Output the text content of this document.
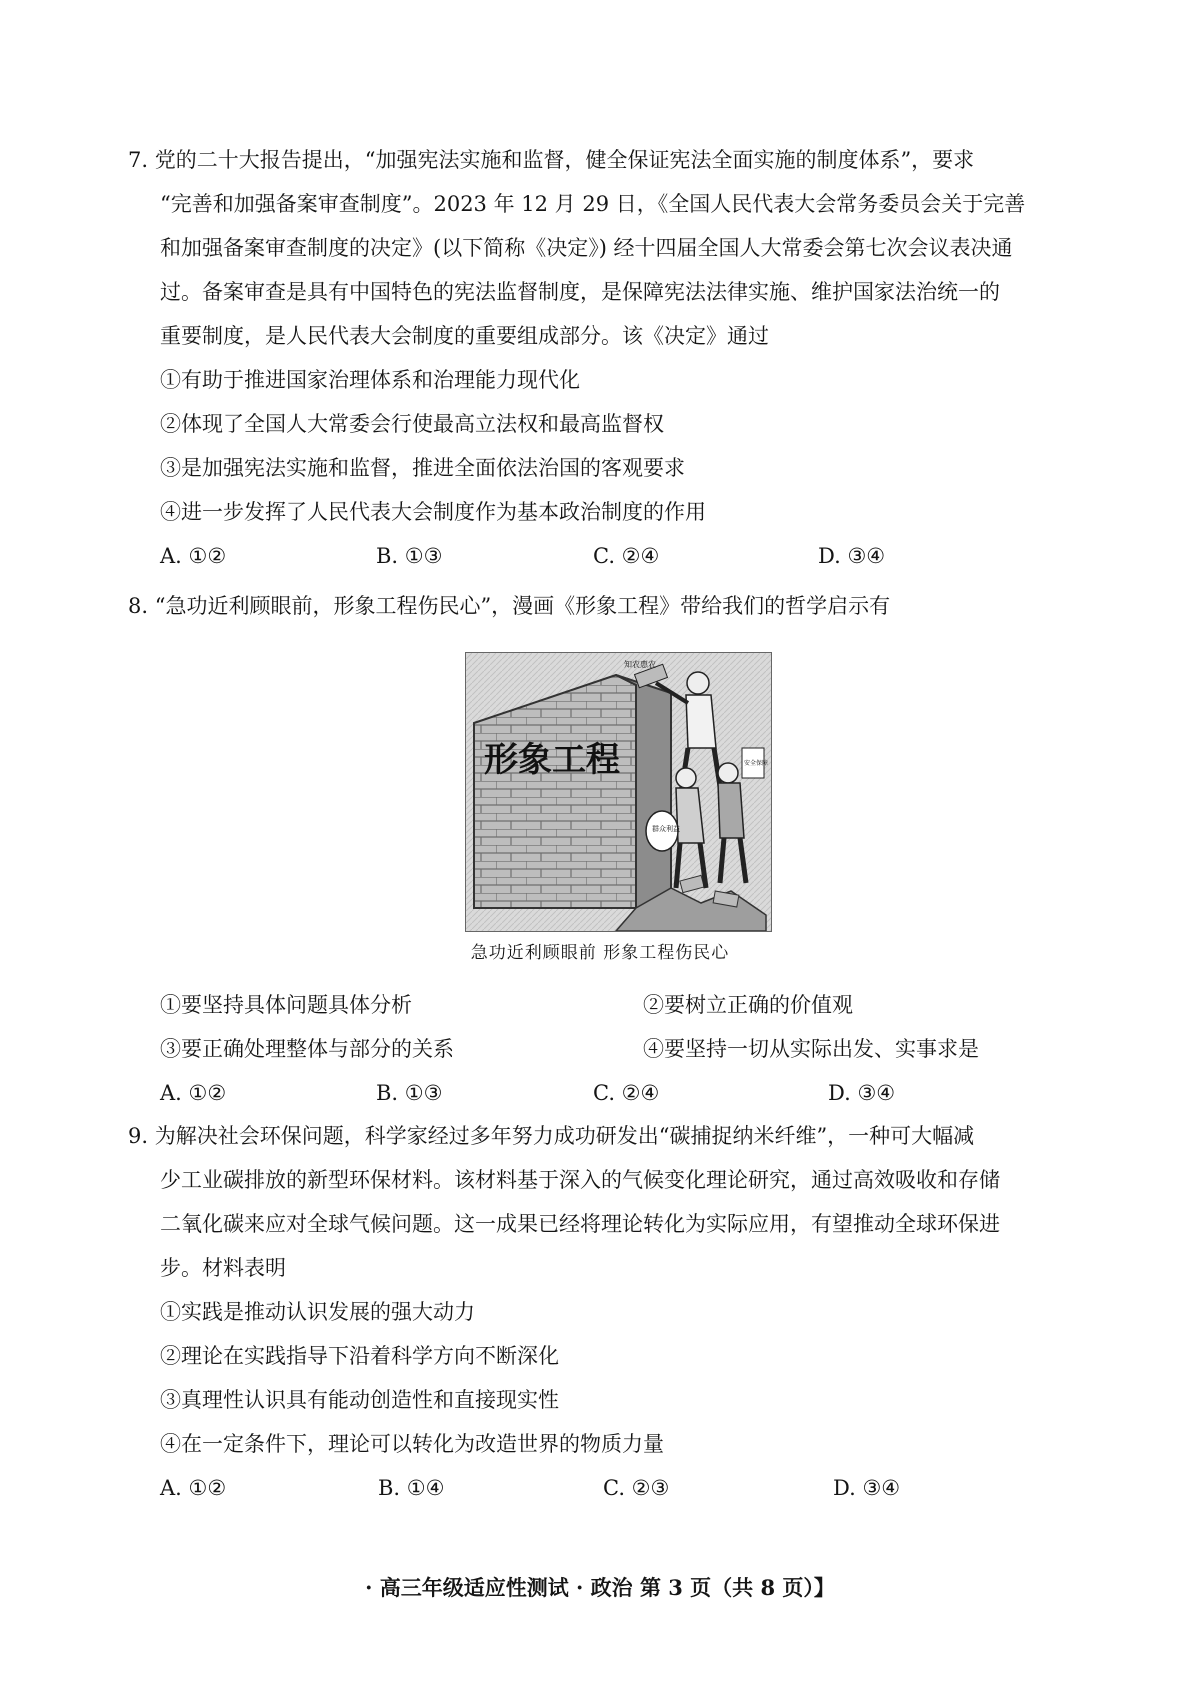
7. 党的二十大报告提出，“加强宪法实施和监督，健全保证宪法全面实施的制度体系”，要求
“完善和加强备案审查制度”。2023 年 12 月 29 日，《全国人民代表大会常务委员会关于完善
和加强备案审查制度的决定》(以下简称《决定》) 经十四届全国人大常委会第七次会议表决通
过。备案审查是具有中国特色的宪法监督制度，是保障宪法法律实施、维护国家法治统一的
重要制度，是人民代表大会制度的重要组成部分。该《决定》通过
①有助于推进国家治理体系和治理能力现代化
②体现了全国人大常委会行使最高立法权和最高监督权
③是加强宪法实施和监督，推进全面依法治国的客观要求
④进一步发挥了人民代表大会制度作为基本政治制度的作用
A. ①②	B. ①③	C. ②④	D. ③④
8. “急功近利顾眼前，形象工程伤民心”，漫画《形象工程》带给我们的哲学启示有
形象工程
知农惠农
群众利益
安全保障
急功近利顾眼前 形象工程伤民心
①要坚持具体问题具体分析	②要树立正确的价值观
③要正确处理整体与部分的关系	④要坚持一切从实际出发、实事求是
A. ①②	B. ①③	C. ②④	D. ③④
9. 为解决社会环保问题，科学家经过多年努力成功研发出“碳捕捉纳米纤维”，一种可大幅减
少工业碳排放的新型环保材料。该材料基于深入的气候变化理论研究，通过高效吸收和存储
二氧化碳来应对全球气候问题。这一成果已经将理论转化为实际应用，有望推动全球环保进
步。材料表明
①实践是推动认识发展的强大动力
②理论在实践指导下沿着科学方向不断深化
③真理性认识具有能动创造性和直接现实性
④在一定条件下，理论可以转化为改造世界的物质力量
A. ①②	B. ①④	C. ②③	D. ③④
· 高三年级适应性测试 · 政治 第 3 页（共 8 页）】
